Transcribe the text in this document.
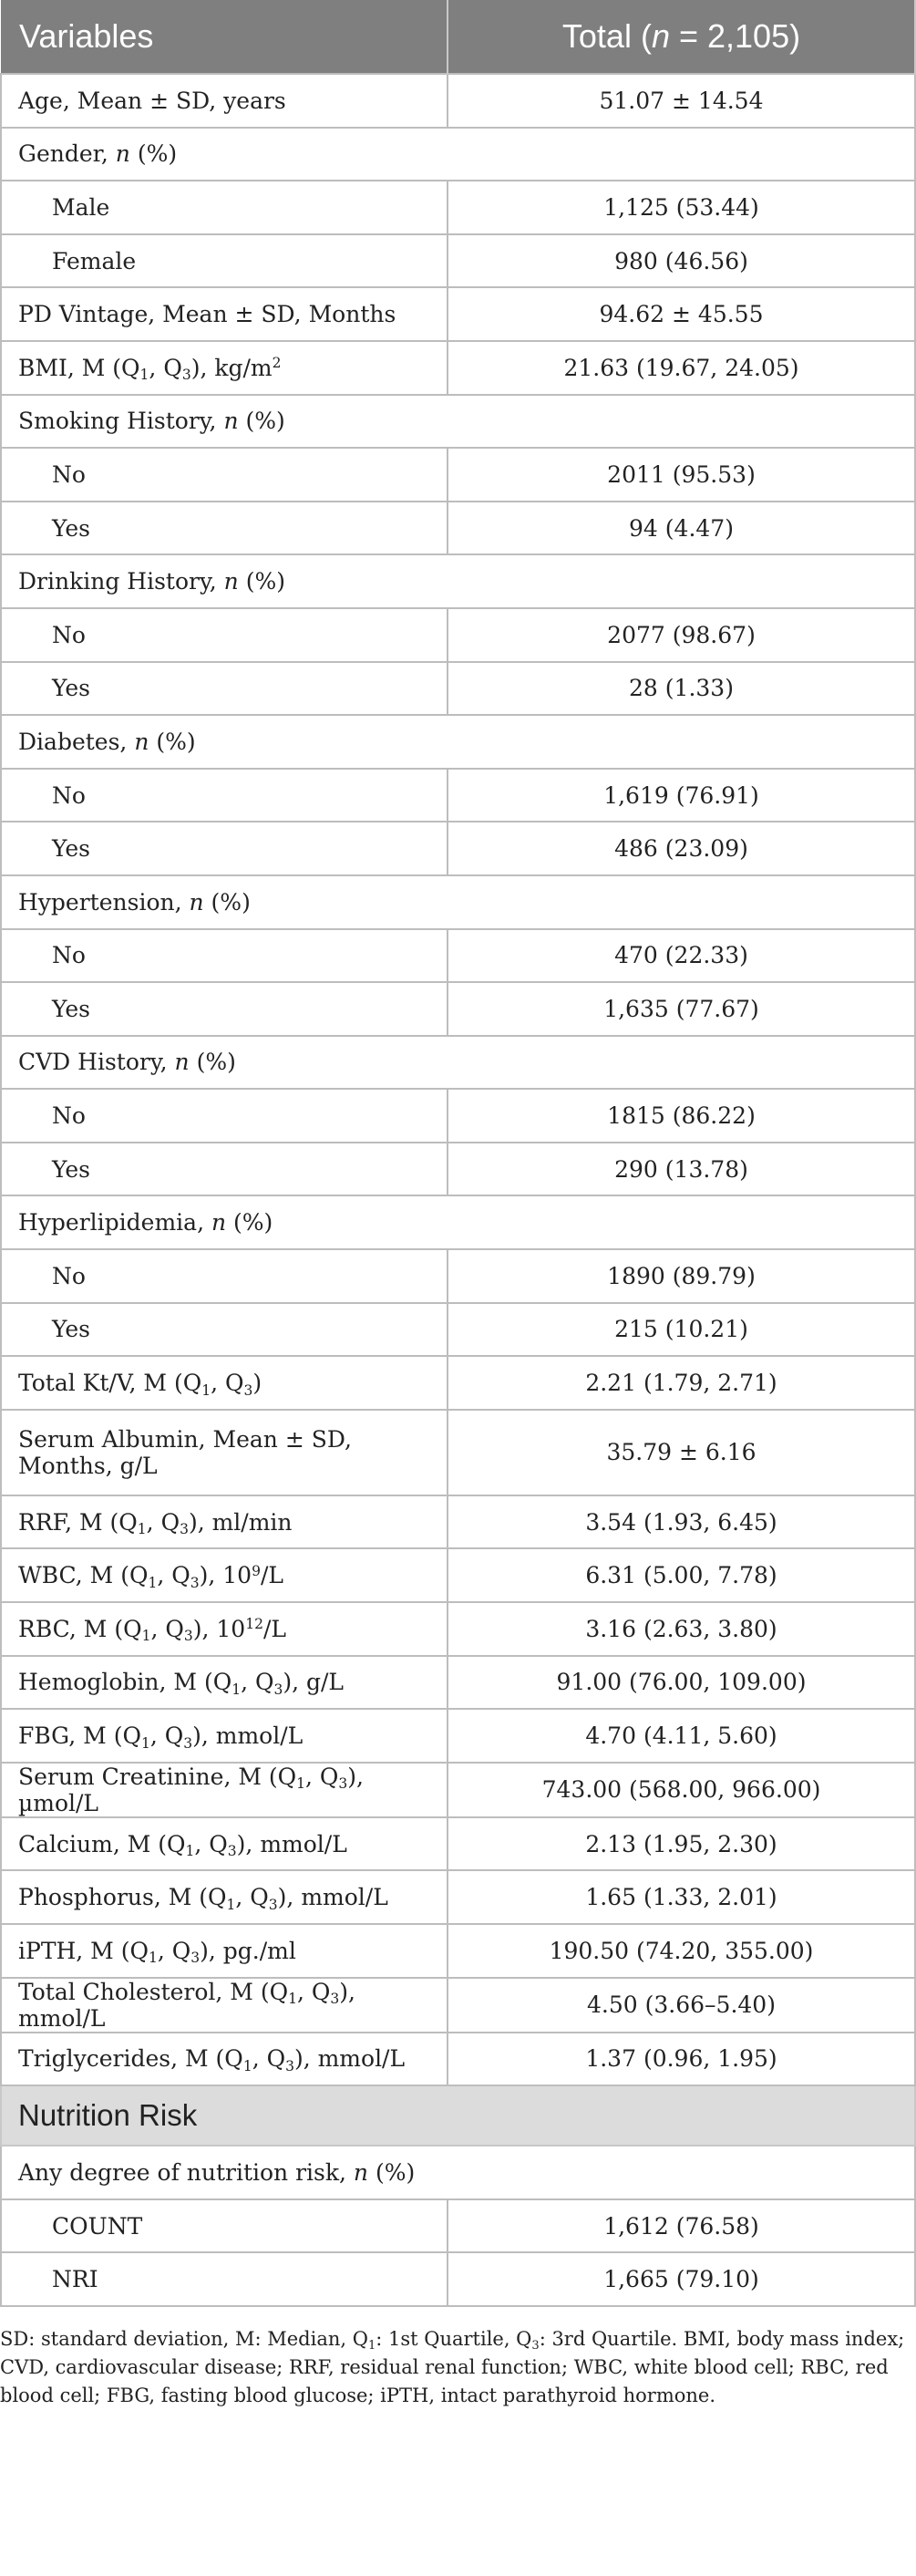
Variables	Total (n = 2,105)
Age, Mean ± SD, years	51.07 ± 14.54
Gender, n (%)	
Male	1,125 (53.44)
Female	980 (46.56)
PD Vintage, Mean ± SD, Months	94.62 ± 45.55
BMI, M ($Q_1$, $Q_3$), $kg/m^2$	21.63 (19.67, 24.05)
Smoking History, n (%)	
No	2011 (95.53)
Yes	94 (4.47)
Drinking History, n (%)	
No	2077 (98.67)
Yes	28 (1.33)
Diabetes, n (%)	
No	1,619 (76.91)
Yes	486 (23.09)
Hypertension, n (%)	
No	470 (22.33)
Yes	1,635 (77.67)
CVD History, n (%)	
No	1815 (86.22)
Yes	290 (13.78)
Hyperlipidemia, n (%)	
No	1890 (89.79)
Yes	215 (10.21)
Total Kt/V, M ($Q_1$, $Q_3$)	2.21 (1.79, 2.71)
Serum Albumin, Mean ± SD, Months, g/L	35.79 ± 6.16
RRF, M ($Q_1$, $Q_3$), ml/min	3.54 (1.93, 6.45)
WBC, M ($Q_1$, $Q_3$), $10^9/L$	6.31 (5.00, 7.78)
RBC, M ($Q_1$, $Q_3$), $10^{12}/L$	3.16 (2.63, 3.80)
Hemoglobin, M ($Q_1$, $Q_3$), g/L	91.00 (76.00, 109.00)
FBG, M ($Q_1$, $Q_3$), mmol/L	4.70 (4.11, 5.60)
Serum Creatinine, M ($Q_1$, $Q_3$), µmol/L	743.00 (568.00, 966.00)
Calcium, M ($Q_1$, $Q_3$), mmol/L	2.13 (1.95, 2.30)
Phosphorus, M ($Q_1$, $Q_3$), mmol/L	1.65 (1.33, 2.01)
iPTH, M ($Q_1$, $Q_3$), pg./ml	190.50 (74.20, 355.00)
Total Cholesterol, M ($Q_1$, $Q_3$), mmol/L	4.50 (3.66–5.40)
Triglycerides, M ($Q_1$, $Q_3$), mmol/L	1.37 (0.96, 1.95)
Nutrition Risk	
Any degree of nutrition risk, n (%)	
COUNT	1,612 (76.58)
NRI	1,665 (79.10)

SD: standard deviation, M: Median, $Q_1$: 1st Quartile, $Q_3$: 3rd Quartile. BMI, body mass index; CVD, cardiovascular disease; RRF, residual renal function; WBC, white blood cell; RBC, red blood cell; FBG, fasting blood glucose; iPTH, intact parathyroid hormone.
